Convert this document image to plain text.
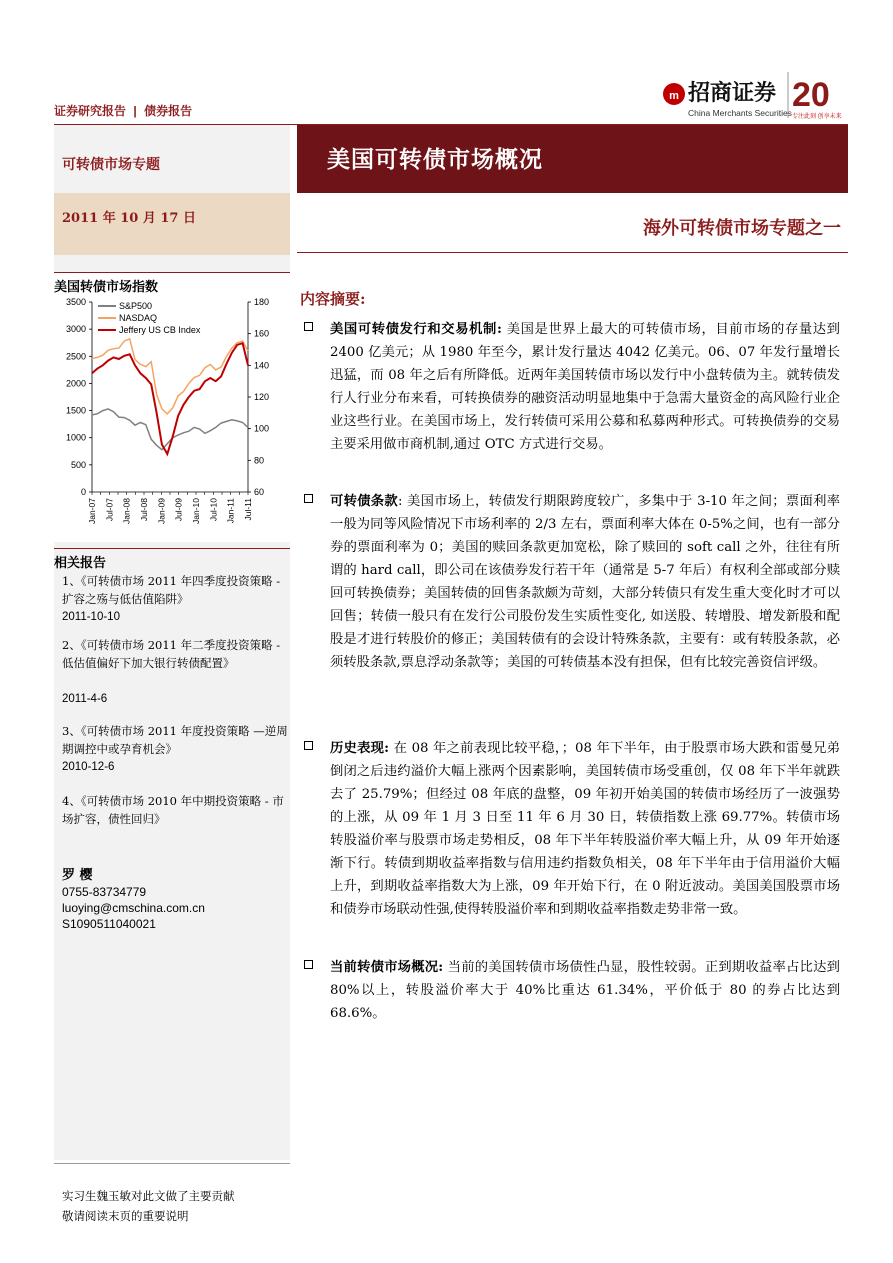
证券研究报告 | 债券报告
m 招商证券
China Merchants Securities 20
专注此刻 创享未来
可转债市场专题
2011 年 10 月 17 日
美国可转债市场概况
海外可转债市场专题之一
美国转债市场指数
0
500
1000
1500
2000
2500
3000
3500
60
80
100
120
140
160
180
Jan-07 Jul-07 Jan-08 Jul-08 Jan-09 Jul-09 Jan-10 Jul-10 Jan-11 Jul-11
S&P500
NASDAQ
Jeffery US CB Index
相关报告
1、《可转债市场 2011 年四季度投资策略 - 扩容之殇与低估值陷阱》
2011-10-10
2、《可转债市场 2011 年二季度投资策略 - 低估值偏好下加大银行转债配置》
2011-4-6
3、《可转债市场 2011 年度投资策略 —逆周期调控中或孕育机会》
2010-12-6
4、《可转债市场 2010 年中期投资策略 - 市场扩容，债性回归》
罗 樱
0755-83734779
luoying@cmschina.com.cn
S1090511040021
实习生魏玉敏对此文做了主要贡献
敬请阅读末页的重要说明
内容摘要:
美国可转债发行和交易机制: 美国是世界上最大的可转债市场，目前市场的存量达到 2400 亿美元；从 1980 年至今，累计发行量达 4042 亿美元。06、07 年发行量增长迅猛，而 08 年之后有所降低。近两年美国转债市场以发行中小盘转债为主。就转债发行人行业分布来看，可转换债券的融资活动明显地集中于急需大量资金的高风险行业企业这些行业。在美国市场上，发行转债可采用公募和私募两种形式。可转换债券的交易主要采用做市商机制,通过 OTC 方式进行交易。
可转债条款: 美国市场上，转债发行期限跨度较广，多集中于 3-10 年之间；票面利率一般为同等风险情况下市场利率的 2/3 左右，票面利率大体在 0-5%之间，也有一部分券的票面利率为 0；美国的赎回条款更加宽松，除了赎回的 soft call 之外，往往有所谓的 hard call，即公司在该债券发行若干年（通常是 5-7 年后）有权利全部或部分赎回可转换债券；美国转债的回售条款颇为苛刻，大部分转债只有发生重大变化时才可以回售；转债一般只有在发行公司股份发生实质性变化, 如送股、转增股、增发新股和配股是才进行转股价的修正；美国转债有的会设计特殊条款，主要有：或有转股条款，必须转股条款,票息浮动条款等；美国的可转债基本没有担保，但有比较完善资信评级。
历史表现: 在 08 年之前表现比较平稳，；08 年下半年，由于股票市场大跌和雷曼兄弟倒闭之后违约溢价大幅上涨两个因素影响，美国转债市场受重创，仅 08 年下半年就跌去了 25.79%；但经过 08 年底的盘整，09 年初开始美国的转债市场经历了一波强势的上涨，从 09 年 1 月 3 日至 11 年 6 月 30 日，转债指数上涨 69.77%。转债市场转股溢价率与股票市场走势相反，08 年下半年转股溢价率大幅上升，从 09 年开始逐渐下行。转债到期收益率指数与信用违约指数负相关，08 年下半年由于信用溢价大幅上升，到期收益率指数大为上涨，09 年开始下行，在 0 附近波动。美国美国股票市场和债券市场联动性强,使得转股溢价率和到期收益率指数走势非常一致。
当前转债市场概况: 当前的美国转债市场债性凸显，股性较弱。正到期收益率占比达到 80%以上，转股溢价率大于 40%比重达 61.34%，平价低于 80 的券占比达到 68.6%。
